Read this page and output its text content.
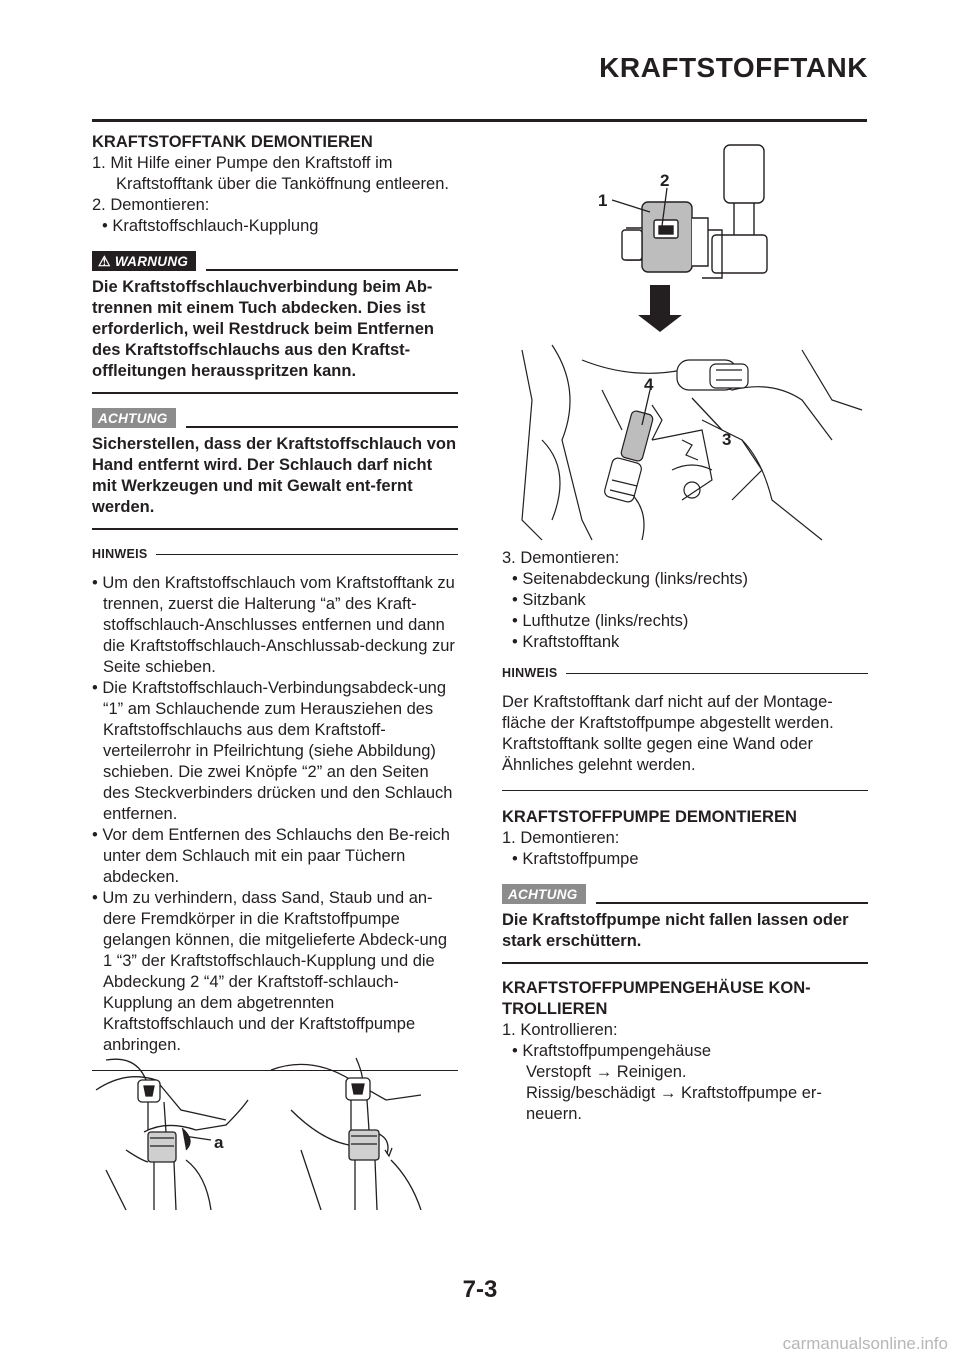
KRAFTSTOFFTANK

KRAFTSTOFFTANK DEMONTIEREN

1. Mit Hilfe einer Pumpe den Kraftstoff im Kraftstofftank über die Tanköffnung entleeren.

2. Demontieren:

• Kraftstoffschlauch-Kupplung

⚠ WARNUNG

Die Kraftstoffschlauchverbindung beim Ab-trennen mit einem Tuch abdecken. Dies ist erforderlich, weil Restdruck beim Entfernen des Kraftstoffschlauchs aus den Kraftst-offleitungen herausspritzen kann.

ACHTUNG

Sicherstellen, dass der Kraftstoffschlauch von Hand entfernt wird. Der Schlauch darf nicht mit Werkzeugen und mit Gewalt ent-fernt werden.

HINWEIS
• Um den Kraftstoffschlauch vom Kraftstofftank zu trennen, zuerst die Halterung “a” des Kraft-stoffschlauch-Anschlusses entfernen und dann die Kraftstoffschlauch-Anschlussab-deckung zur Seite schieben.
• Die Kraftstoffschlauch-Verbindungsabdeck-ung “1” am Schlauchende zum Herausziehen des Kraftstoffschlauchs aus dem Kraftstoff-verteilerrohr in Pfeilrichtung (siehe Abbildung) schieben. Die zwei Knöpfe “2” an den Seiten des Steckverbinders drücken und den Schlauch entfernen.
• Vor dem Entfernen des Schlauchs den Be-reich unter dem Schlauch mit ein paar Tüchern abdecken.
• Um zu verhindern, dass Sand, Staub und an-dere Fremdkörper in die Kraftstoffpumpe gelangen können, die mitgelieferte Abdeck-ung 1 “3” der Kraftstoffschlauch-Kupplung und die Abdeckung 2 “4” der Kraftstoff-schlauch-Kupplung an dem abgetrennten Kraftstoffschlauch und der Kraftstoffpumpe anbringen.
a
1
2
4
3

3. Demontieren:

• Seitenabdeckung (links/rechts)

• Sitzbank

• Lufthutze (links/rechts)

• Kraftstofftank

HINWEIS

Der Kraftstofftank darf nicht auf der Montage-fläche der Kraftstoffpumpe abgestellt werden. Kraftstofftank sollte gegen eine Wand oder Ähnliches gelehnt werden.

KRAFTSTOFFPUMPE DEMONTIEREN

1. Demontieren:

• Kraftstoffpumpe

ACHTUNG

Die Kraftstoffpumpe nicht fallen lassen oder stark erschüttern.

KRAFTSTOFFPUMPENGEHÄUSE KON-TROLLIEREN

1. Kontrollieren:

• Kraftstoffpumpengehäuse

Verstopft → Reinigen.

Rissig/beschädigt → Kraftstoffpumpe er-neuern.

7-3
carmanualsonline.info
